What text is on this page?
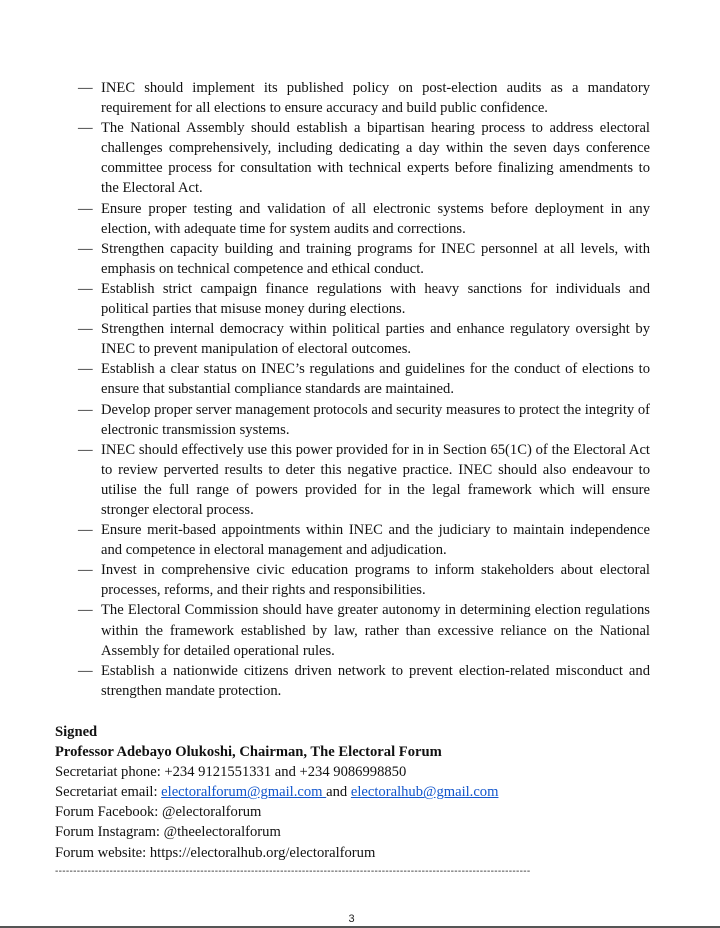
— INEC should implement its published policy on post-election audits as a mandatory requirement for all elections to ensure accuracy and build public confidence.
— The National Assembly should establish a bipartisan hearing process to address electoral challenges comprehensively, including dedicating a day within the seven days conference committee process for consultation with technical experts before finalizing amendments to the Electoral Act.
— Ensure proper testing and validation of all electronic systems before deployment in any election, with adequate time for system audits and corrections.
— Strengthen capacity building and training programs for INEC personnel at all levels, with emphasis on technical competence and ethical conduct.
— Establish strict campaign finance regulations with heavy sanctions for individuals and political parties that misuse money during elections.
— Strengthen internal democracy within political parties and enhance regulatory oversight by INEC to prevent manipulation of electoral outcomes.
— Establish a clear status on INEC’s regulations and guidelines for the conduct of elections to ensure that substantial compliance standards are maintained.
— Develop proper server management protocols and security measures to protect the integrity of electronic transmission systems.
— INEC should effectively use this power provided for in in Section 65(1C) of the Electoral Act to review perverted results to deter this negative practice. INEC should also endeavour to utilise the full range of powers provided for in the legal framework which will ensure stronger electoral process.
— Ensure merit-based appointments within INEC and the judiciary to maintain independence and competence in electoral management and adjudication.
— Invest in comprehensive civic education programs to inform stakeholders about electoral processes, reforms, and their rights and responsibilities.
— The Electoral Commission should have greater autonomy in determining election regulations within the framework established by law, rather than excessive reliance on the National Assembly for detailed operational rules.
— Establish a nationwide citizens driven network to prevent election-related misconduct and strengthen mandate protection.
Signed
Professor Adebayo Olukoshi, Chairman, The Electoral Forum
Secretariat phone: +234 9121551331 and +234 9086998850
Secretariat email: electoralforum@gmail.com and electoralhub@gmail.com
Forum Facebook: @electoralforum
Forum Instagram: @theelectoralforum
Forum website: https://electoralhub.org/electoralforum
-----------------------------------------------------------------------------------------------------------------------------------
3
